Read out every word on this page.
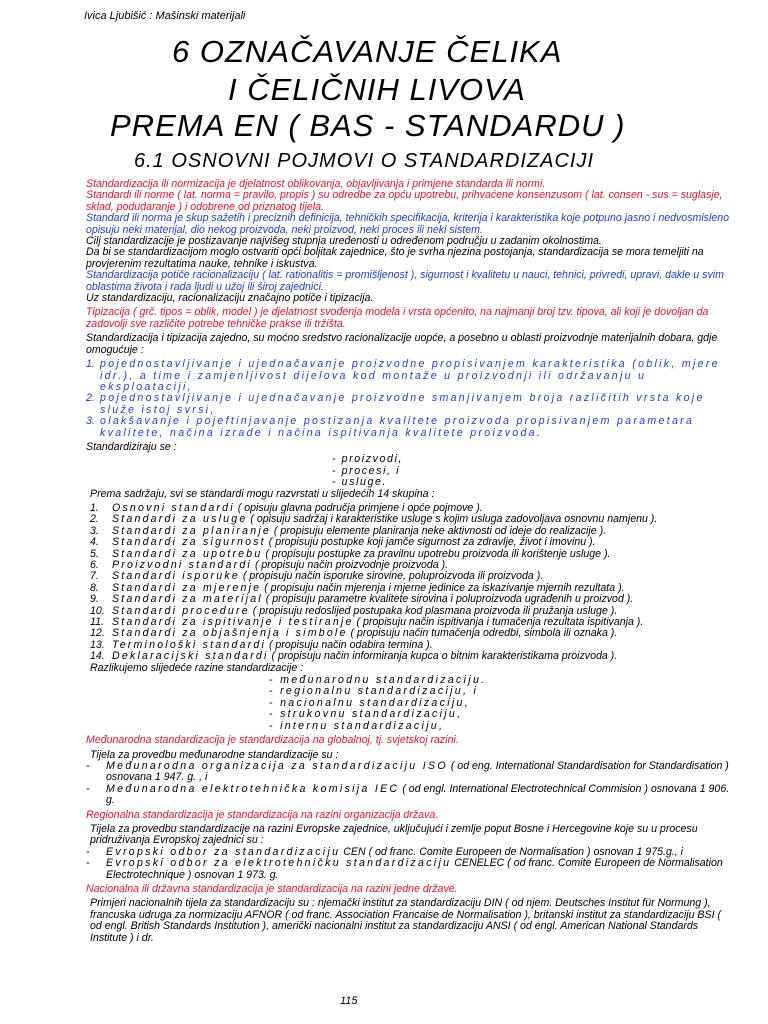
Ivica Ljubišić : Mašinski materijali
6 OZNAČAVANJE ČELIKA
I ČELIČNIH LIVOVA
PREMA EN ( BAS - STANDARDU )
6.1 OSNOVNI POJMOVI O STANDARDIZACIJI

Standardizacija ili normizacija je djelatnost oblikovanja, objavljivanja i primjene standarda ili normi.

Standardi ili norme ( lat. norma = pravilo, propis ) su odredbe za opću upotrebu, prihvaćene konsenzusom ( lat. consen - sus = suglasje, sklad, podudaranje ) i odobrene od priznatog tijela.

Standard ili norma je skup sažetih i preciznih definicija, tehničkih specifikacija, kriterija i karakteristika koje potpuno jasno i nedvosmisleno opisuju neki materijal, dio nekog proizvoda, neki proizvod, neki proces ili neki sistem.

Cilj standardizacije je postizavanje najvišeg stupnja uređenosti u određenom području u zadanim okolnostima.

Da bi se standardizacijom moglo ostvariti opći boljitak zajednice, što je svrha njezina postojanja, standardizacija se mora temeljiti na provjerenim rezultatima nauke, tehnike i iskustva.

Standardizacija potiče racionalizaciju ( lat. rationalitis = promišljenost ), sigurnost i kvalitetu u nauci, tehnici, privredi, upravi, dakle u svim oblastima života i rada ljudi u užoj ili široj zajednici.

Uz standardizaciju, racionalizaciju značajno potiče i tipizacija.

Tipizacija ( grč. tipos = oblik, model ) je djelatnost svođenja modela i vrsta općenito, na najmanji broj tzv. tipova, ali koji je dovoljan da zadovolji sve različite potrebe tehničke prakse ili tržišta.

Standardizacija i tipizacija zajedno, su moćno sredstvo racionalizacije uopće, a posebno u oblasti proizvodnje materijalnih dobara, gdje omogućuje :

1. pojednostavljivanje i ujednačavanje proizvodne propisivanjem karakteristika (oblik, mjere idr.), a time i zamjenljivost dijelova kod montaže u proizvodnji ili održavanju u eksploataciji,
2. pojednostavljivanje i ujednačavanje proizvodne smanjivanjem broja različitih vrsta koje služe istoj svrsi,
3. olakšavanje i pojeftinjavanje postizanja kvalitete proizvoda propisivanjem parametara kvalitete, načina izrade i načina ispitivanja kvalitete proizvoda.

Standardiziraju se :

- proizvodi,
- procesi, i
- usluge.

Prema sadržaju, svi se standardi mogu razvrstati u slijedećih 14 skupina :

1. Osnovni standardi ( opisuju glavna područja primjene i opće pojmove ).
2. Standardi za usluge ( opisuju sadržaj i karakteristike usluge s kojim usluga zadovoljava osnovnu namjenu ).
3. Standardi za planiranje ( propisuju elemente planiranja neke aktivnosti od ideje do realizacije ).
4. Standardi za sigurnost ( propisuju postupke koji jamče sigurnost za zdravlje, život i imovinu ).
5. Standardi za upotrebu ( propisuju postupke za pravilnu upotrebu proizvoda ili korištenje usluge ).
6. Proizvodni standardi ( propisuju način proizvodnje proizvoda ).
7. Standardi isporuke ( propisuju način isporuke sirovine, poluproizvoda ili proizvoda ).
8. Standardi za mjerenje ( propisuju način mjerenja i mjerne jedinice za iskazivanje mjernih rezultata ).
9. Standardi za materijal ( propisuju parametre kvalitete sirovina i poluproizvoda ugrađenih u proizvod ).
10. Standardi procedure ( propisuju redoslijed postupaka kod plasmana proizvoda ili pružanja usluge ).
11. Standardi za ispitivanje i testiranje ( propisuju način ispitivanja i tumačenja rezultata ispitivanja ).
12. Standardi za objašnjenja i simbole ( propisuju način tumačenja odredbi, simbola ili oznaka ).
13. Terminološki standardi ( propisuju način odabira termina ).
14. Deklaracijski standardi ( propisuju način informiranja kupca o bitnim karakteristikama proizvoda ).

Razlikujemo slijedeće razine standardizacije :

- međunarodnu standardizaciju.
- regionalnu standardizaciju, i
- nacionalnu standardizaciju,
- strukovnu standardizaciju,
- internu standardizaciju,

Međunarodna standardizacija je standardizacija na globalnoj, tj. svjetskoj razini.

Tijela za provedbu međunarodne standardizacije su :

- Međunarodna organizacija za standardizaciju ISO ( od eng. International Standardisation for Standardisation ) osnovana 1 947. g. , i
- Međunarodna elektrotehnička komisija IEC ( od engl. International Electrotechnical Commision ) osnovana 1 906. g.

Regionalna standardizacija je standardizacija na razini organizacija država.

Tijela za provedbu standardizacije na razini Evropske zajednice, uključujući i zemlje poput Bosne i Hercegovine koje su u procesu pridruživanja Evropskoj zajednici su :

- Evropski odbor za standardizaciju CEN ( od franc. Comite Europeen de Normalisation ) osnovan 1 975.g., i
- Evropski odbor za elektrotehničku standardizaciju CENELEC ( od franc. Comite Europeen de Normalisation Electrotechnique ) osnovan 1 973. g.

Nacionalna ili državna standardizacija je standardizacija na razini jedne države.

Primjeri nacionalnih tijela za standardizaciju su : njemački institut za standardizaciju DIN ( od njem. Deutsches Institut für Normung ), francuska udruga za normizaciju AFNOR ( od franc. Association Francaise de Normalisation ), britanski institut za standardizaciju BSI ( od engl. British Standards Institution ), američki nacionalni institut za standardizaciju ANSI ( od engl. American National Standards Institute ) i dr.

115
